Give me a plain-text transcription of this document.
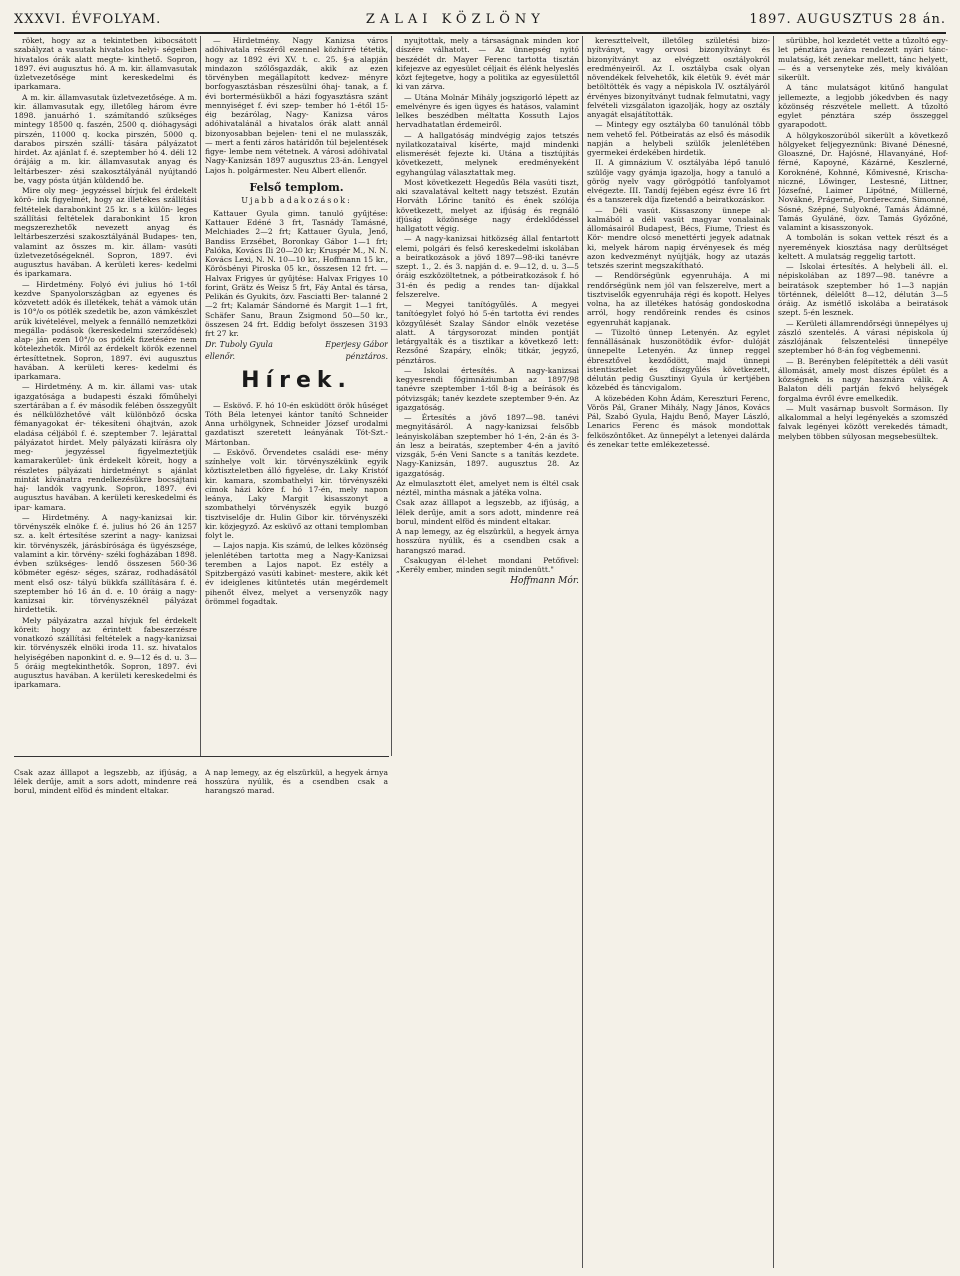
XXXVI. ÉVFOLYAM.	ZALAI KÖZLÖNY	1897. AUGUSZTUS 28 án.

röket, hogy az a tekintetben kibocsátott szabályzat a vasutak hivatalos helyi- ségeiben hivatalos órák alatt megte- kinthető. Sopron, 1897. évi augusztus hó. A m. kir. államvasutak üzletvezetősége mint kereskedelmi és iparkamara.

A m. kir. államvasutak üzletvezetősége. A m. kir. államvasutak egy, illetőleg három évre 1898. januárhó 1. számítandó szükséges mintegy 18500 q. faszén, 2500 q. dióhagysági pirszén, 11000 q. kocka pirszén, 5000 q. darabos pirszén szállí- tására pályázatot hirdet. Az ajánlat f. é. szeptember hó 4. déli 12 órájáig a m. kir. államvasutak anyag és leltárbeszer- zési szakosztályánál nyújtandó be, vagy pósta útján küldendő be.

Mire oly meg- jegyzéssel bírjuk fel érdekelt körö- ink figyelmét, hogy az illetékes szállítási feltételek darabonkint 25 kr. s a külön- leges szállítási feltételek darabonkint 15 kron megszerezhetők nevezett anyag és leltárbeszerzési szakosztályánál Budapes- ten, valamint az összes m. kir. állam- vasúti üzletvezetőségeknél. Sopron, 1897. évi augusztus havában. A kerületi keres- kedelmi és iparkamara.

— Hirdetmény. Folyó évi julius hó 1-től kezdve Spanyolországban az egyenes és közvetett adók és illetékek, tehát a vámok után is 10°/o os pótlék szedetik be, azon vámkészlet arúk kivételével, melyek a fennálló nemzetközi megálla- podások (kereskedelmi szerződések) alap- ján ezen 10°/o os pótlék fizetésére nem kötelezhetők. Miről az érdekelt körök ezennel értesíttetnek. Sopron, 1897. évi augusztus havában. A kerületi keres- kedelmi és iparkamara.

— Hirdetmény. A m. kir. állami vas- utak igazgatósága a budapesti északi főműhelyi szertárában a f. év második felében összegyűlt és nélkülözhetővé vált különböző ócska fémanyagokat ér- tékesíteni óhajtván, azok eladása céljából f. é. szeptember 7. lejárattal pályázatot hirdet. Mely pályázati kiírásra oly meg- jegyzéssel figyelmeztetjük kamarakerület- ünk érdekelt köreit, hogy a részletes pályázati hirdetményt s ajánlat mintát kívánatra rendelkezésükre bocsájtani haj- landók vagyunk. Sopron, 1897. évi augusztus havában. A kerületi kereskedelmi és ipar- kamara.

— Hirdetmény. A nagy-kanizsai kir. törvényszék elnöke f. é. julius hó 26 án 1257 sz. a. kelt értesítése szerint a nagy- kanizsai kir. törvényszék, járásbírósága és ügyészsége, valamint a kir. törvény- széki fogházában 1898. évben szükséges- lendő összesen 560·36 köbméter egész- séges, száraz, rodhadásától ment első osz- tályú bükkfa szállítására f. é. szeptember hó 16 án d. e. 10 óráig a nagy-kanizsai kir. törvényszéknél pályázat hirdettetik.

Mely pályázatra azzal hívjuk fel érdekelt köreit: hogy az érintett fabeszerzésre vonatkozó szállítási feltételek a nagy-kanizsai kir. törvényszék elnöki iroda 11. sz. hivatalos helyiségében naponkint d. e. 9—12 és d. u. 3—5 óráig megtekinthetők. Sopron, 1897. évi augusztus havában. A kerületi kereskedelmi és iparkamara.

— Hirdetmény. Nagy Kanizsa város adóhivatala részéről ezennel közhírré tétetik, hogy az 1892 évi XV. t. c. 25. §-a alapján mindazon szőlősgazdák, akik az ezen törvényben megállapított kedvez- ményre borfogyasztásban részesülni óhaj- tanak, a f. évi bortermésükből a házi fogyasztásra szánt mennyiséget f. évi szep- tember hó 1-étől 15-éig bezárólag, Nagy- Kanizsa város adóhivatalánál a hivatalos órák alatt annál bizonyosabban bejelen- teni el ne mulasszák, — mert a fenti záros határidőn túl bejelentések figye- lembe nem vétetnek. A városi adóhivatal Nagy-Kanizsán 1897 augusztus 23-án. Lengyel Lajos h. polgármester. Neu Albert ellenőr.

Felső templom.
Ujabb adakozások:

Kattauer Gyula gimn. tanuló gyűjtése: Kattauer Edéné 3 frt, Tasnády Tamásné, Melchiades 2—2 frt; Kattauer Gyula, Jenő, Bandiss Erzsébet, Boronkay Gábor 1—1 frt; Palóka, Kovács Ili 20—20 kr; Kruspér M., N. N. Kovács Lexi, N. N. 10—10 kr., Hoffmann 15 kr., Körösbényi Piroska 05 kr., összesen 12 frt. — Halvax Frigyes úr gyűjtése: Halvax Frigyes 10 forint, Grätz és Weisz 5 frt, Fáy Antal és társa, Pelikán és Gyukits, özv. Fasciatti Ber- talanné 2—2 frt; Kalamár Sándorné és Margit 1—1 frt, Schäfer Sanu, Braun Zsigmond 50—50 kr., összesen 24 frt. Eddig befolyt összesen 3193 frt 27 kr.

Dr. Tuboly Gyula	Eperjesy Gábor
ellenőr.	pénztáros.
Hírek.

— Eskövő. F. hó 10-én esküdött örök hűséget Tóth Béla letenyei kántor tanító Schneider Anna urhölgynek, Schneider József urodalmi gazdatiszt szeretett leányának Tót-Szt.-Mártonban.

— Eskövő. Örvendetes családi ese- mény színhelye volt kir. törvényszékünk egyik köztiszteletben álló figyelése, dr. Laky Kristóf kir. kamara, szombathelyi kir. törvényszéki címok házi köre f. hó 17-én, mely napon leánya, Laky Margit kisasszonyt a szombathelyi törvényszék egyik buzgó tisztviselője dr. Hulin Gibor kir. törvényszéki kir. közjegyző. Az esküvő az ottani templomban folyt le.

— Lajos napja. Kis számú, de lelkes közönség jelenlétében tartotta meg a Nagy-Kanizsai teremben a Lajos napot. Ez estély a Spitzbergázó vasúti kabinet- mestere, akik két év ideiglenes kitüntetés után megérdemelt pihenőt élvez, melyet a versenyzők nagy örömmel fogadtak.

nyujtottak, mely a társaságnak minden kor díszére válhatott. — Az ünnepség nyitó beszédét dr. Mayer Ferenc tartotta tisztán kifejezve az egyesület céljait és élénk helyeslés közt fejtegetve, hogy a politika az egyesülettől ki van zárva.

— Utána Molnár Mihály jogszigorló lépett az emelvényre és igen ügyes és hatásos, valamint lelkes beszédben méltatta Kossuth Lajos hervadhatatlan érdemeiről.

— A hallgatóság mindvégig zajos tetszés nyilatkozataival kísérte, majd mindenki elismerését fejezte ki. Utána a tisztújítás következett, melynek eredményeként egyhangúlag választattak meg.

Most következett Hegedűs Béla vasúti tiszt, aki szavalatával keltett nagy tetszést. Ezután Horváth Lőrinc tanító és ének szólója következett, melyet az ifjúság és regnáló ifjúság közönsége nagy érdeklődéssel hallgatott végig.

— A nagy-kanizsai hitközség állal fentartott elemi, polgári és felső kereskedelmi iskolában a beiratkozások a jövő 1897—98-iki tanévre szept. 1., 2. és 3. napján d. e. 9—12, d. u. 3—5 óráig eszközöltetnek, a pótbeiratkozások f. hó 31-én és pedig a rendes tan- díjakkal felszerelve.

— Megyei tanítógyűlés. A megyei tanítóegylet folyó hó 5-én tartotta évi rendes közgyűlését Szalay Sándor elnök vezetése alatt. A tárgysorozat minden pontját letárgyalták és a tisztikar a következő lett: Rezsőné Szapáry, elnök; titkár, jegyző, pénztáros.

— Iskolai értesítés. A nagy-kanizsai kegyesrendi főgimnáziumban az 1897/98 tanévre szeptember 1-től 8-ig a beírások és pótvizsgák; tanév kezdete szeptember 9-én. Az igazgatóság.

— Értesítés a jövő 1897—98. tanévi megnyitásáról. A nagy-kanizsai felsőbb leányiskolában szeptember hó 1-én, 2-án és 3-án lesz a beiratás, szeptember 4-én a javító vizsgák, 5-én Veni Sancte s a tanítás kezdete. Nagy-Kanizsán, 1897. augusztus 28. Az igazgatóság.

Az elmulasztott élet, amelyet nem is éltél csak néztél, mintha másnak a játéka volna.

Csak azaz álllapot a legszebb, az ifjúság, a lélek derűje, amit a sors adott, mindenre reá borul, mindent elföd és mindent eltakar.

A nap lemegy, az ég elszürkül, a hegyek árnya hosszúra nyúlik, és a csendben csak a harangszó marad.

Csakugyan él-lehet mondani Petőfivel: „Kerély ember, minden segít mindenütt."

Hoffmann Mór.

kereszttelvelt, illetőleg születési bizo- nyítványt, vagy orvosi bizonyítványt és bizonyítványt az elvégzett osztályokról eredményeiről. Az I. osztályba csak olyan növendékek felvehetők, kik életük 9. évét már betöltötték és vagy a népiskola IV. osztályáról érvényes bizonyítványt tudnak felmutatni, vagy felvételi vizsgálaton igazolják, hogy az osztály anyagát elsajátították.

— Mintegy egy osztályba 60 tanulónál több nem vehető fel. Pótbeiratás az első és második napján a helybeli szülők jelenlétében gyermekei érdekében hirdetik.

II. A gimnázium V. osztályába lépő tanuló szülője vagy gyámja igazolja, hogy a tanuló a görög nyelv vagy görögpótló tanfolyamot elvégezte. III. Tandíj fejében egész évre 16 frt és a tanszerek díja fizetendő a beiratkozáskor.

— Déli vasút. Kissaszony ünnepe al- kalmából a déli vasút magyar vonalainak állomásairól Budapest, Bécs, Fiume, Triest és Kör- mendre olcsó menettérti jegyek adatnak ki, melyek három napig érvényesek és még azon kedvezményt nyújtják, hogy az utazás tetszés szerint megszakítható.

— Rendörségünk egyenruhája. A mi rendőrségünk nem jól van felszerelve, mert a tisztviselők egyenruhája régi és kopott. Helyes volna, ha az illetékes hatóság gondoskodna arról, hogy rendőreink rendes és csinos egyenruhát kapjanak.

— Tüzoltó ünnep Letenyén. Az egylet fennállásának huszonötödik évfor- dulóját ünnepelte Letenyén. Az ünnep reggel ébresztővel kezdődött, majd ünnepi istentisztelet és díszgyűlés következett, délután pedig Gusztinyi Gyula úr kertjében közebéd és táncvigalom.

A közebéden Kohn Ádám, Kereszturi Ferenc, Vörös Pál, Graner Mihály, Nagy János, Kovács Pál, Szabó Gyula, Hajdu Benő, Mayer László, Lenarics Ferenc és mások mondottak felköszöntőket. Az ünnepélyt a letenyei dalárda és zenekar tette emlékezetessé.

sürübbe, hol kezdetét vette a tűzoltó egy- let pénztára javára rendezett nyári tánc- mulatság, két zenekar mellett, tánc helyett, — és a versenyteke zés, mely kiválóan sikerült.

A tánc mulatságot kitűnő hangulat jellemezte, a legjobb jókedvben és nagy közönség részvétele mellett. A tűzoltó egylet pénztára szép összeggel gyarapodott.

A hölgykoszorúból sikerült a következő hölgyeket feljegyeznünk: Bivané Dénesné, Gloaszné, Dr. Hajósné, Hlavanyáné, Hof- férné, Kapoyné, Kázárné, Keszlerné, Koroknéné, Kohnné, Kőmivesné, Krischa- niczné, Lőwinger, Lestesné, Littner, Józsefné, Laimer Lipótné, Müllerné, Novákné, Prágerné, Pordereczné, Simonné, Sósné, Szépné, Sulyokné, Tamás Ádámné, Tamás Gyuláné, özv. Tamás Győzőné, valamint a kisasszonyok.

A tombolán is sokan vettek részt és a nyeremények kiosztása nagy derültséget keltett. A mulatság reggelig tartott.

— Iskolai értesítés. A helybeli áll. el. népiskolában az 1897—98. tanévre a beiratások szeptember hó 1—3 napján történnek, délelőtt 8—12, délután 3—5 óráig. Az ismétlő iskolába a beiratások szept. 5-én lesznek.

— Kerületi államrendőrségi ünnepélyes uj zászló szentelés. A várasi népiskola új zászlójának felszentelési ünnepélye szeptember hó 8-án fog végbemenni.

— B. Berényben felépítették a déli vasút állomását, amely most díszes épület és a községnek is nagy hasznára válik. A Balaton déli partján fekvő helységek forgalma évről évre emelkedik.

— Mult vasárnap busvolt Sormáson. Ily alkalommal a helyi legényekés a szomszéd falvak legényei között verekedés támadt, melyben többen súlyosan megsebesültek.

Csak azaz álllapot a legszebb, az ifjúság, a lélek derűje, amit a sors adott, mindenre reá borul, mindent elföd és mindent eltakar.

A nap lemegy, az ég elszürkül, a hegyek árnya hosszúra nyúlik, és a csendben csak a harangszó marad.
